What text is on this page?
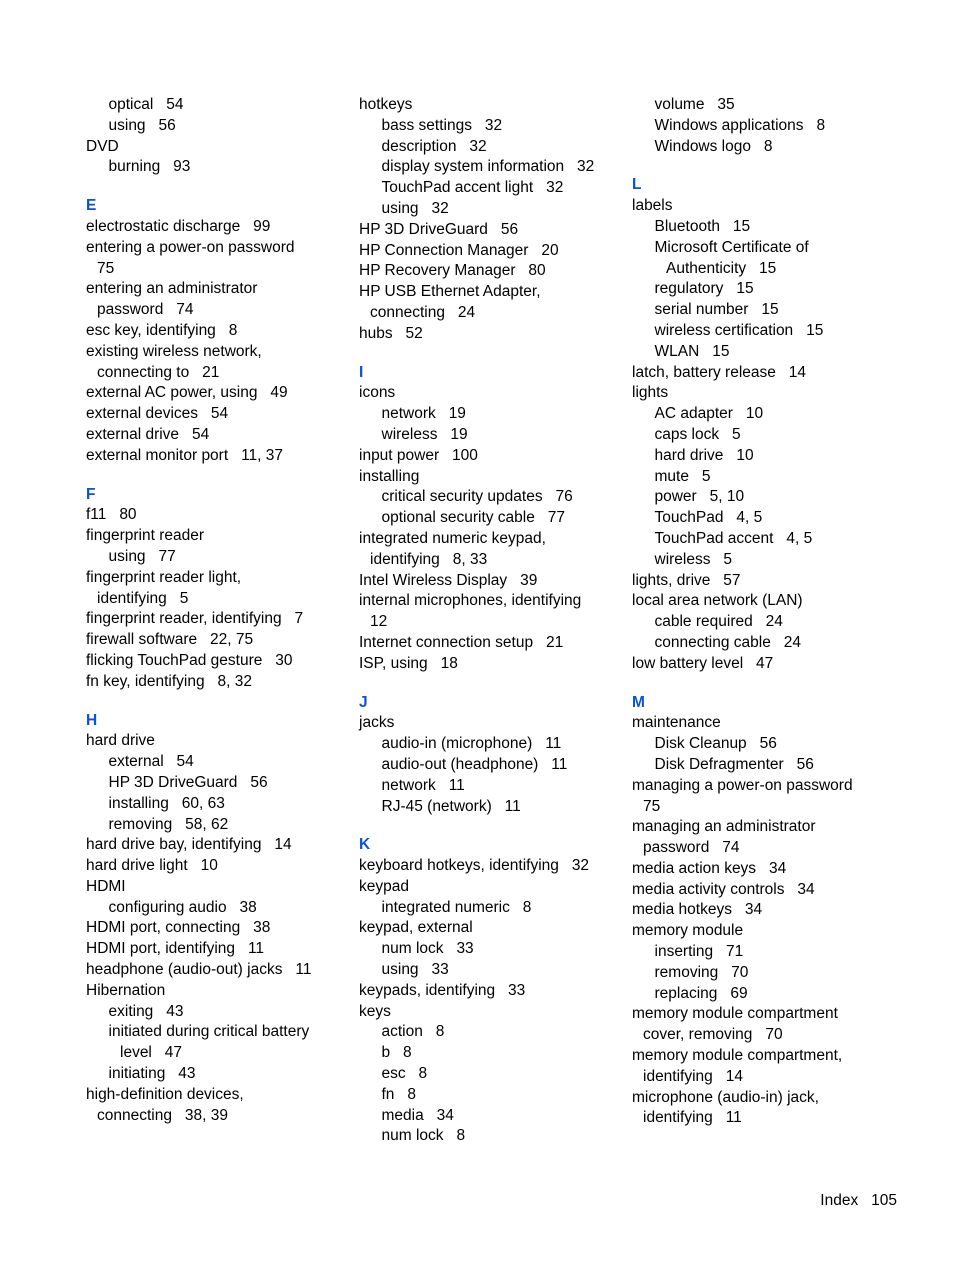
optical   54
using   56
DVD
burning   93
E
electrostatic discharge   99
entering a power-on password
75
entering an administrator
password   74
esc key, identifying   8
existing wireless network,
connecting to   21
external AC power, using   49
external devices   54
external drive   54
external monitor port   11, 37
F
f11   80
fingerprint reader
using   77
fingerprint reader light,
identifying   5
fingerprint reader, identifying   7
firewall software   22, 75
flicking TouchPad gesture   30
fn key, identifying   8, 32
H
hard drive
external   54
HP 3D DriveGuard   56
installing   60, 63
removing   58, 62
hard drive bay, identifying   14
hard drive light   10
HDMI
configuring audio   38
HDMI port, connecting   38
HDMI port, identifying   11
headphone (audio-out) jacks   11
Hibernation
exiting   43
initiated during critical battery
level   47
initiating   43
high-definition devices,
connecting   38, 39
hotkeys
bass settings   32
description   32
display system information   32
TouchPad accent light   32
using   32
HP 3D DriveGuard   56
HP Connection Manager   20
HP Recovery Manager   80
HP USB Ethernet Adapter,
connecting   24
hubs   52
I
icons
network   19
wireless   19
input power   100
installing
critical security updates   76
optional security cable   77
integrated numeric keypad,
identifying   8, 33
Intel Wireless Display   39
internal microphones, identifying
12
Internet connection setup   21
ISP, using   18
J
jacks
audio-in (microphone)   11
audio-out (headphone)   11
network   11
RJ-45 (network)   11
K
keyboard hotkeys, identifying   32
keypad
integrated numeric   8
keypad, external
num lock   33
using   33
keypads, identifying   33
keys
action   8
b   8
esc   8
fn   8
media   34
num lock   8
volume   35
Windows applications   8
Windows logo   8
L
labels
Bluetooth   15
Microsoft Certificate of
Authenticity   15
regulatory   15
serial number   15
wireless certification   15
WLAN   15
latch, battery release   14
lights
AC adapter   10
caps lock   5
hard drive   10
mute   5
power   5, 10
TouchPad   4, 5
TouchPad accent   4, 5
wireless   5
lights, drive   57
local area network (LAN)
cable required   24
connecting cable   24
low battery level   47
M
maintenance
Disk Cleanup   56
Disk Defragmenter   56
managing a power-on password
75
managing an administrator
password   74
media action keys   34
media activity controls   34
media hotkeys   34
memory module
inserting   71
removing   70
replacing   69
memory module compartment
cover, removing   70
memory module compartment,
identifying   14
microphone (audio-in) jack,
identifying   11
Index 105
